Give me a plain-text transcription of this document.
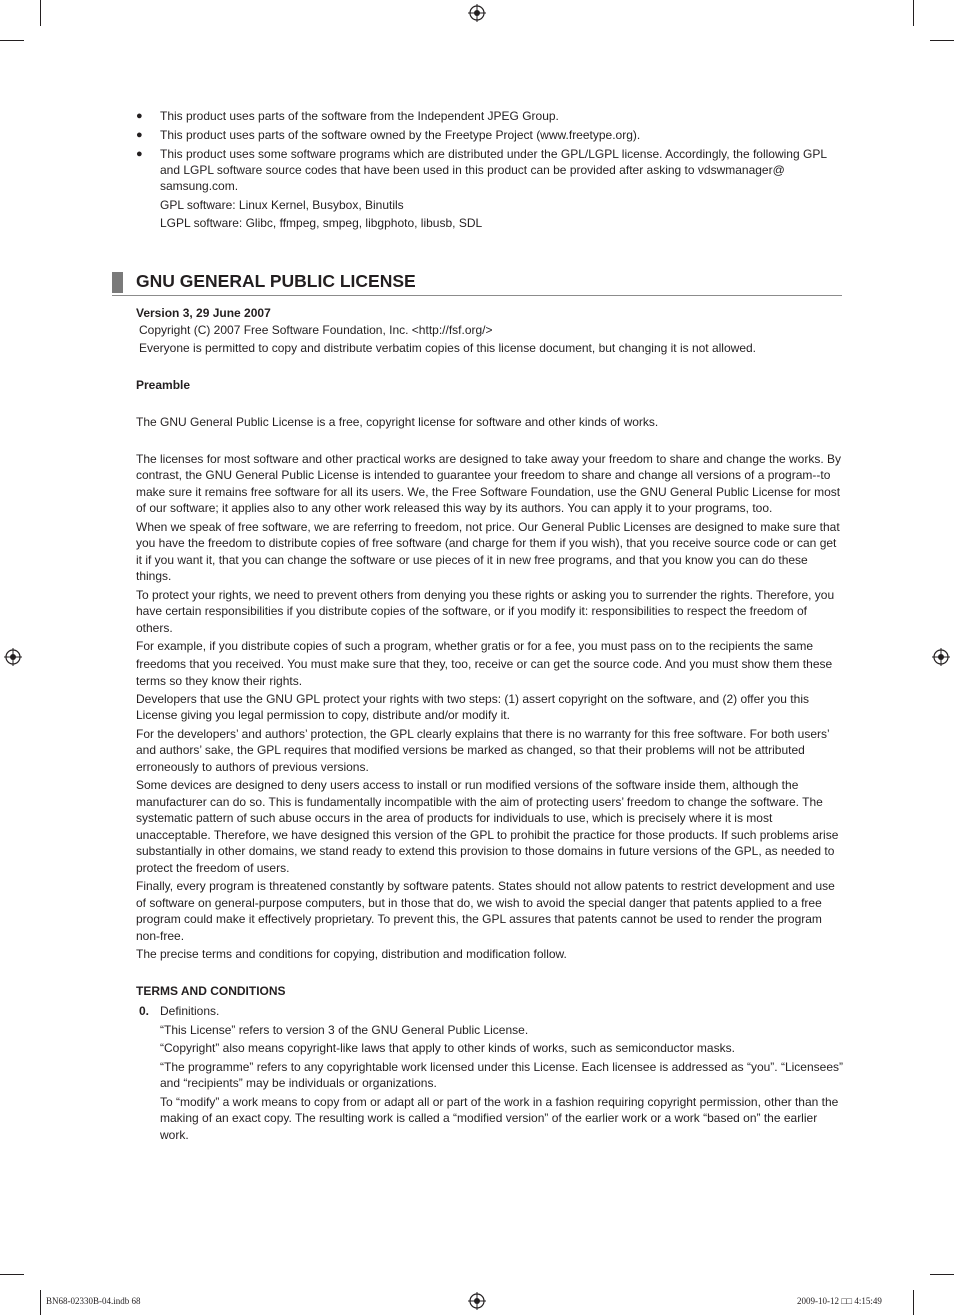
● This product uses parts of the software from the Independent JPEG Group.
● This product uses parts of the software owned by the Freetype Project (www.freetype.org).
● This product uses some software programs which are distributed under the GPL/LGPL license. Accordingly, the following GPL and LGPL software source codes that have been used in this product can be provided after asking to vdswmanager@ samsung.com.

GPL software: Linux Kernel, Busybox, Binutils

LGPL software: Glibc, ffmpeg, smpeg, libgphoto, libusb, SDL

GNU GENERAL PUBLIC LICENSE

Version 3, 29 June 2007

Copyright (C) 2007 Free Software Foundation, Inc. <http://fsf.org/>

Everyone is permitted to copy and distribute verbatim copies of this license document, but changing it is not allowed.

Preamble

The GNU General Public License is a free, copyright license for software and other kinds of works.

The licenses for most software and other practical works are designed to take away your freedom to share and change the works. By contrast, the GNU General Public License is intended to guarantee your freedom to share and change all versions of a program--to make sure it remains free software for all its users. We, the Free Software Foundation, use the GNU General Public License for most of our software; it applies also to any other work released this way by its authors. You can apply it to your programs, too.

When we speak of free software, we are referring to freedom, not price. Our General Public Licenses are designed to make sure that you have the freedom to distribute copies of free software (and charge for them if you wish), that you receive source code or can get it if you want it, that you can change the software or use pieces of it in new free programs, and that you know you can do these things.

To protect your rights, we need to prevent others from denying you these rights or asking you to surrender the rights. Therefore, you have certain responsibilities if you distribute copies of the software, or if you modify it: responsibilities to respect the freedom of others.

For example, if you distribute copies of such a program, whether gratis or for a fee, you must pass on to the recipients the same freedoms that you received. You must make sure that they, too, receive or can get the source code. And you must show them these terms so they know their rights.

Developers that use the GNU GPL protect your rights with two steps: (1) assert copyright on the software, and (2) offer you this License giving you legal permission to copy, distribute and/or modify it.

For the developers’ and authors’ protection, the GPL clearly explains that there is no warranty for this free software. For both users’ and authors’ sake, the GPL requires that modified versions be marked as changed, so that their problems will not be attributed erroneously to authors of previous versions.

Some devices are designed to deny users access to install or run modified versions of the software inside them, although the manufacturer can do so. This is fundamentally incompatible with the aim of protecting users’ freedom to change the software. The systematic pattern of such abuse occurs in the area of products for individuals to use, which is precisely where it is most unacceptable. Therefore, we have designed this version of the GPL to prohibit the practice for those products. If such problems arise substantially in other domains, we stand ready to extend this provision to those domains in future versions of the GPL, as needed to protect the freedom of users.

Finally, every program is threatened constantly by software patents. States should not allow patents to restrict development and use of software on general-purpose computers, but in those that do, we wish to avoid the special danger that patents applied to a free program could make it effectively proprietary. To prevent this, the GPL assures that patents cannot be used to render the program non-free.

The precise terms and conditions for copying, distribution and modification follow.

TERMS AND CONDITIONS

0. Definitions.

“This License” refers to version 3 of the GNU General Public License.

“Copyright” also means copyright-like laws that apply to other kinds of works, such as semiconductor masks.

“The programme” refers to any copyrightable work licensed under this License. Each licensee is addressed as “you”. “Licensees” and “recipients” may be individuals or organizations.

To “modify” a work means to copy from or adapt all or part of the work in a fashion requiring copyright permission, other than the making of an exact copy. The resulting work is called a “modified version” of the earlier work or a work “based on” the earlier work.

BN68-02330B-04.indb 68	2009-10-12 □□ 4:15:49
